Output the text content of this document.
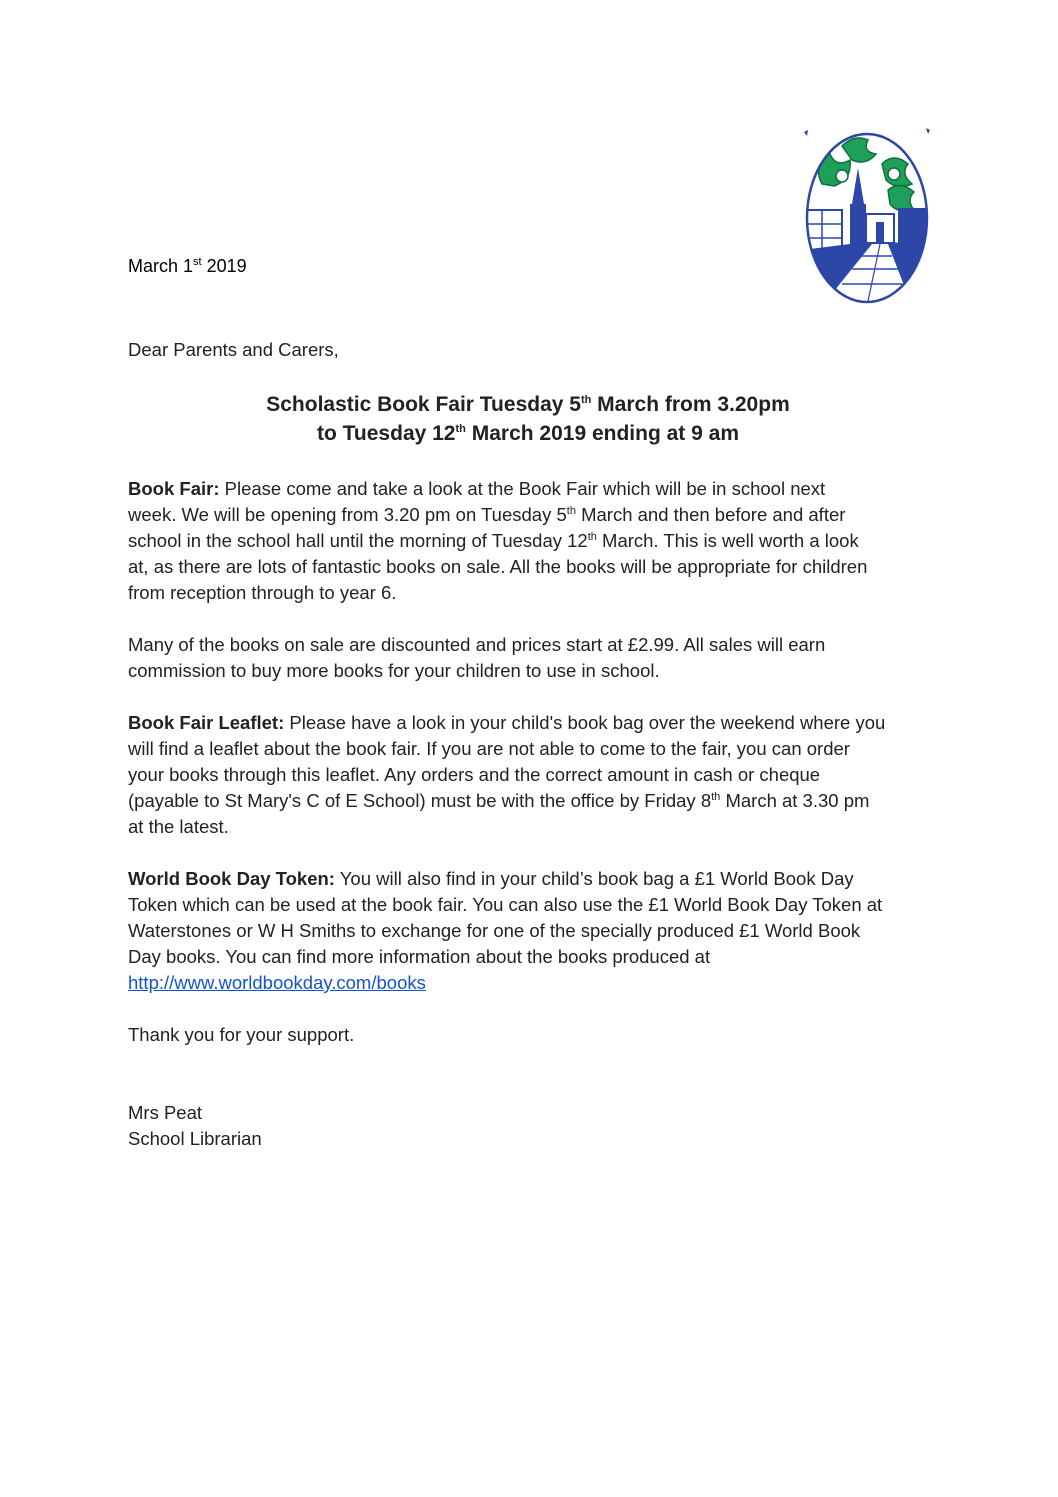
March 1st 2019
Dear Parents and Carers,
Scholastic Book Fair Tuesday 5th March from 3.20pm
to Tuesday 12th March 2019 ending at 9 am
Book Fair: Please come and take a look at the Book Fair which will be in school next
week. We will be opening from 3.20 pm on Tuesday 5th March and then before and after
school in the school hall until the morning of Tuesday 12th March. This is well worth a look
at, as there are lots of fantastic books on sale. All the books will be appropriate for children
from reception through to year 6.
Many of the books on sale are discounted and prices start at £2.99. All sales will earn
commission to buy more books for your children to use in school.
Book Fair Leaflet: Please have a look in your child's book bag over the weekend where you
will find a leaflet about the book fair. If you are not able to come to the fair, you can order
your books through this leaflet. Any orders and the correct amount in cash or cheque
(payable to St Mary's C of E School) must be with the office by Friday 8th March at 3.30 pm
at the latest.
World Book Day Token: You will also find in your child’s book bag a £1 World Book Day
Token which can be used at the book fair. You can also use the £1 World Book Day Token at
Waterstones or W H Smiths to exchange for one of the specially produced £1 World Book
Day books. You can find more information about the books produced at
http://www.worldbookday.com/books
Thank you for your support.
Mrs Peat
School Librarian
